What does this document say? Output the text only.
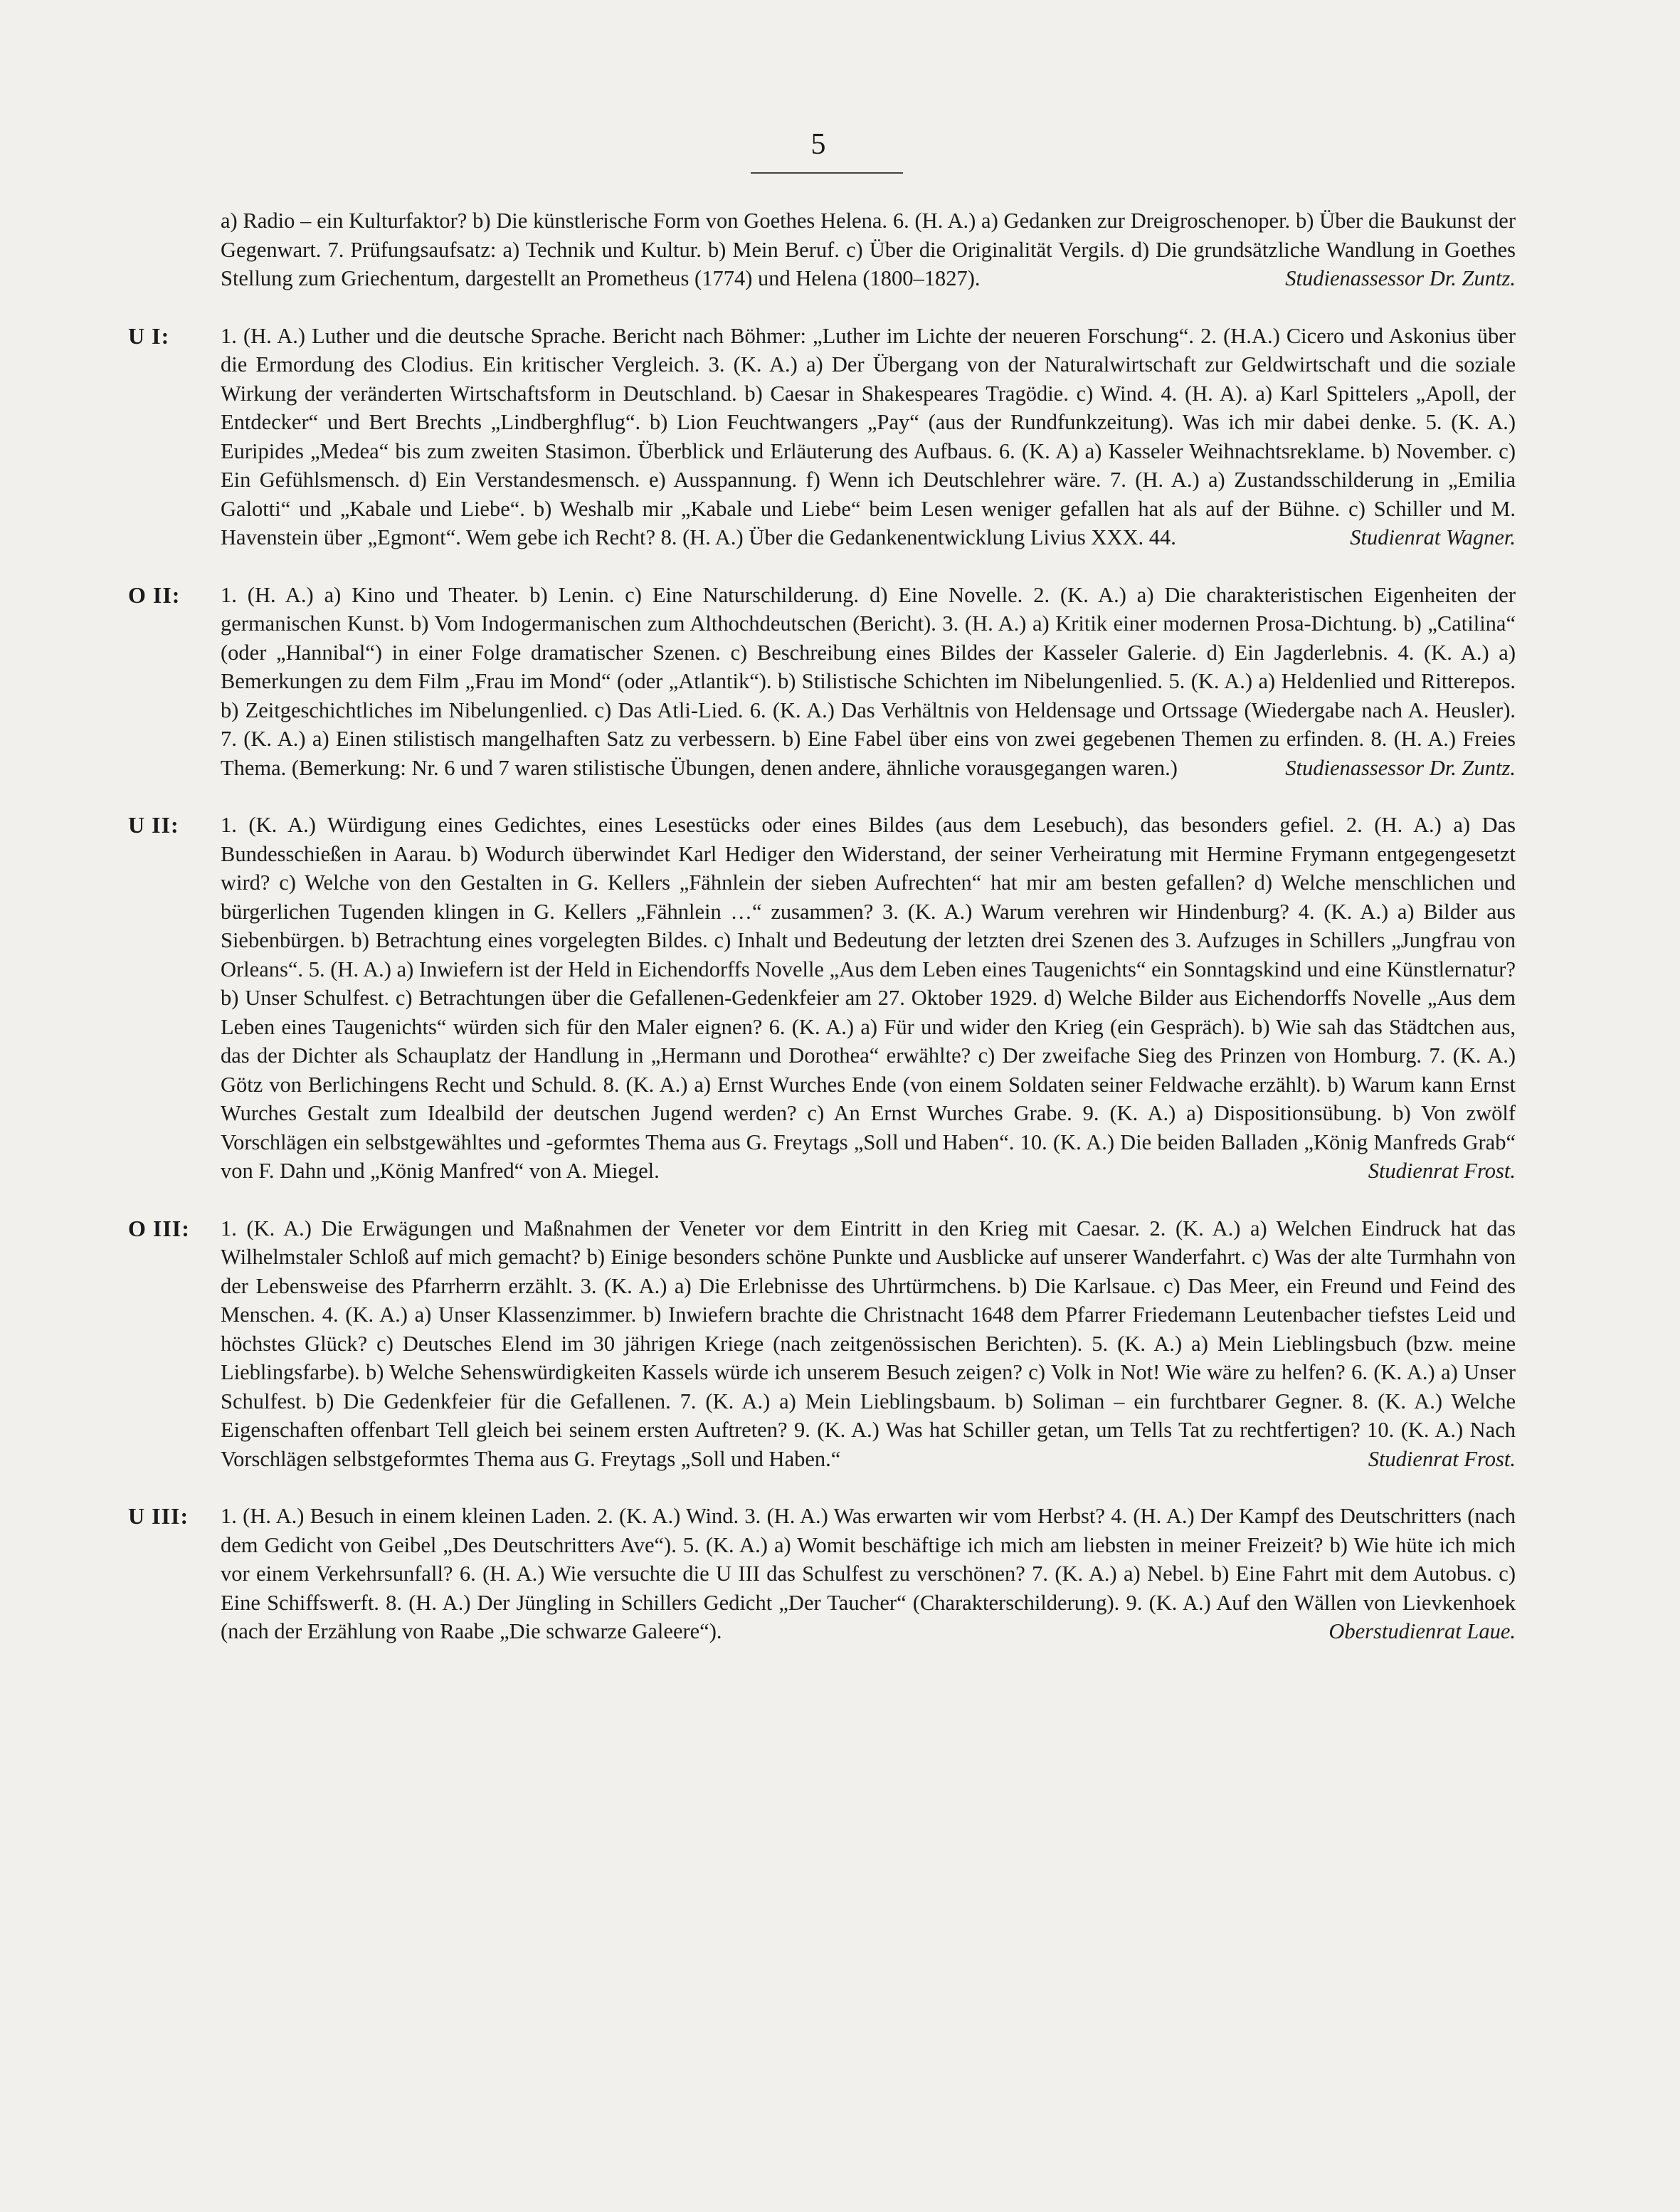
5
a) Radio – ein Kulturfaktor? b) Die künstlerische Form von Goethes Helena. 6. (H. A.) a) Gedanken zur Dreigroschenoper. b) Über die Baukunst der Gegenwart. 7. Prüfungsaufsatz: a) Technik und Kultur. b) Mein Beruf. c) Über die Originalität Vergils. d) Die grundsätzliche Wandlung in Goethes Stellung zum Griechentum, dargestellt an Prometheus (1774) und Helena (1800–1827).	Studienassessor Dr. Zuntz.
U I: 1. (H. A.) Luther und die deutsche Sprache. Bericht nach Böhmer: „Luther im Lichte der neueren Forschung“. 2. (H.A.) Cicero und Askonius über die Ermordung des Clodius. Ein kritischer Vergleich. 3. (K. A.) a) Der Übergang von der Naturalwirtschaft zur Geldwirtschaft und die soziale Wirkung der veränderten Wirtschaftsform in Deutschland. b) Caesar in Shakespeares Tragödie. c) Wind. 4. (H. A). a) Karl Spittelers „Apoll, der Entdecker“ und Bert Brechts „Lindberghflug“. b) Lion Feuchtwangers „Pay“ (aus der Rundfunkzeitung). Was ich mir dabei denke. 5. (K. A.) Euripides „Medea“ bis zum zweiten Stasimon. Überblick und Erläuterung des Aufbaus. 6. (K. A) a) Kasseler Weihnachtsreklame. b) November. c) Ein Gefühlsmensch. d) Ein Verstandesmensch. e) Ausspannung. f) Wenn ich Deutschlehrer wäre. 7. (H. A.) a) Zustandsschilderung in „Emilia Galotti“ und „Kabale und Liebe“. b) Weshalb mir „Kabale und Liebe“ beim Lesen weniger gefallen hat als auf der Bühne. c) Schiller und M. Havenstein über „Egmont“. Wem gebe ich Recht? 8. (H. A.) Über die Gedankenentwicklung Livius XXX. 44.	Studienrat Wagner.
O II: 1. (H. A.) a) Kino und Theater. b) Lenin. c) Eine Naturschilderung. d) Eine Novelle. 2. (K. A.) a) Die charakteristischen Eigenheiten der germanischen Kunst. b) Vom Indogermanischen zum Althochdeutschen (Bericht). 3. (H. A.) a) Kritik einer modernen Prosa-Dichtung. b) „Catilina“ (oder „Hannibal“) in einer Folge dramatischer Szenen. c) Beschreibung eines Bildes der Kasseler Galerie. d) Ein Jagderlebnis. 4. (K. A.) a) Bemerkungen zu dem Film „Frau im Mond“ (oder „Atlantik“). b) Stilistische Schichten im Nibelungenlied. 5. (K. A.) a) Heldenlied und Ritterepos. b) Zeitgeschichtliches im Nibelungenlied. c) Das Atli-Lied. 6. (K. A.) Das Verhältnis von Heldensage und Ortssage (Wiedergabe nach A. Heusler). 7. (K. A.) a) Einen stilistisch mangelhaften Satz zu verbessern. b) Eine Fabel über eins von zwei gegebenen Themen zu erfinden. 8. (H. A.) Freies Thema. (Bemerkung: Nr. 6 und 7 waren stilistische Übungen, denen andere, ähnliche vorausgegangen waren.)	Studienassessor Dr. Zuntz.
U II: 1. (K. A.) Würdigung eines Gedichtes, eines Lesestücks oder eines Bildes (aus dem Lesebuch), das besonders gefiel. 2. (H. A.) a) Das Bundesschießen in Aarau. b) Wodurch überwindet Karl Hediger den Widerstand, der seiner Verheiratung mit Hermine Frymann entgegengesetzt wird? c) Welche von den Gestalten in G. Kellers „Fähnlein der sieben Aufrechten“ hat mir am besten gefallen? d) Welche menschlichen und bürgerlichen Tugenden klingen in G. Kellers „Fähnlein …“ zusammen? 3. (K. A.) Warum verehren wir Hindenburg? 4. (K. A.) a) Bilder aus Siebenbürgen. b) Betrachtung eines vorgelegten Bildes. c) Inhalt und Bedeutung der letzten drei Szenen des 3. Aufzuges in Schillers „Jungfrau von Orleans“. 5. (H. A.) a) Inwiefern ist der Held in Eichendorffs Novelle „Aus dem Leben eines Taugenichts“ ein Sonntagskind und eine Künstlernatur? b) Unser Schulfest. c) Betrachtungen über die Gefallenen-Gedenkfeier am 27. Oktober 1929. d) Welche Bilder aus Eichendorffs Novelle „Aus dem Leben eines Taugenichts“ würden sich für den Maler eignen? 6. (K. A.) a) Für und wider den Krieg (ein Gespräch). b) Wie sah das Städtchen aus, das der Dichter als Schauplatz der Handlung in „Hermann und Dorothea“ erwählte? c) Der zweifache Sieg des Prinzen von Homburg. 7. (K. A.) Götz von Berlichingens Recht und Schuld. 8. (K. A.) a) Ernst Wurches Ende (von einem Soldaten seiner Feldwache erzählt). b) Warum kann Ernst Wurches Gestalt zum Idealbild der deutschen Jugend werden? c) An Ernst Wurches Grabe. 9. (K. A.) a) Dispositionsübung. b) Von zwölf Vorschlägen ein selbstgewähltes und -geformtes Thema aus G. Freytags „Soll und Haben“. 10. (K. A.) Die beiden Balladen „König Manfreds Grab“ von F. Dahn und „König Manfred“ von A. Miegel.	Studienrat Frost.
O III: 1. (K. A.) Die Erwägungen und Maßnahmen der Veneter vor dem Eintritt in den Krieg mit Caesar. 2. (K. A.) a) Welchen Eindruck hat das Wilhelmstaler Schloß auf mich gemacht? b) Einige besonders schöne Punkte und Ausblicke auf unserer Wanderfahrt. c) Was der alte Turmhahn von der Lebensweise des Pfarrherrn erzählt. 3. (K. A.) a) Die Erlebnisse des Uhrtürmchens. b) Die Karlsaue. c) Das Meer, ein Freund und Feind des Menschen. 4. (K. A.) a) Unser Klassenzimmer. b) Inwiefern brachte die Christnacht 1648 dem Pfarrer Friedemann Leutenbacher tiefstes Leid und höchstes Glück? c) Deutsches Elend im 30 jährigen Kriege (nach zeitgenössischen Berichten). 5. (K. A.) a) Mein Lieblingsbuch (bzw. meine Lieblingsfarbe). b) Welche Sehenswürdigkeiten Kassels würde ich unserem Besuch zeigen? c) Volk in Not! Wie wäre zu helfen? 6. (K. A.) a) Unser Schulfest. b) Die Gedenkfeier für die Gefallenen. 7. (K. A.) a) Mein Lieblingsbaum. b) Soliman – ein furchtbarer Gegner. 8. (K. A.) Welche Eigenschaften offenbart Tell gleich bei seinem ersten Auftreten? 9. (K. A.) Was hat Schiller getan, um Tells Tat zu rechtfertigen? 10. (K. A.) Nach Vorschlägen selbstgeformtes Thema aus G. Freytags „Soll und Haben.“	Studienrat Frost.
U III: 1. (H. A.) Besuch in einem kleinen Laden. 2. (K. A.) Wind. 3. (H. A.) Was erwarten wir vom Herbst? 4. (H. A.) Der Kampf des Deutschritters (nach dem Gedicht von Geibel „Des Deutschritters Ave“). 5. (K. A.) a) Womit beschäftige ich mich am liebsten in meiner Freizeit? b) Wie hüte ich mich vor einem Verkehrsunfall? 6. (H. A.) Wie versuchte die U III das Schulfest zu verschönen? 7. (K. A.) a) Nebel. b) Eine Fahrt mit dem Autobus. c) Eine Schiffswerft. 8. (H. A.) Der Jüngling in Schillers Gedicht „Der Taucher“ (Charakterschilderung). 9. (K. A.) Auf den Wällen von Lievkenhoek (nach der Erzählung von Raabe „Die schwarze Galeere“).	Oberstudienrat Laue.
